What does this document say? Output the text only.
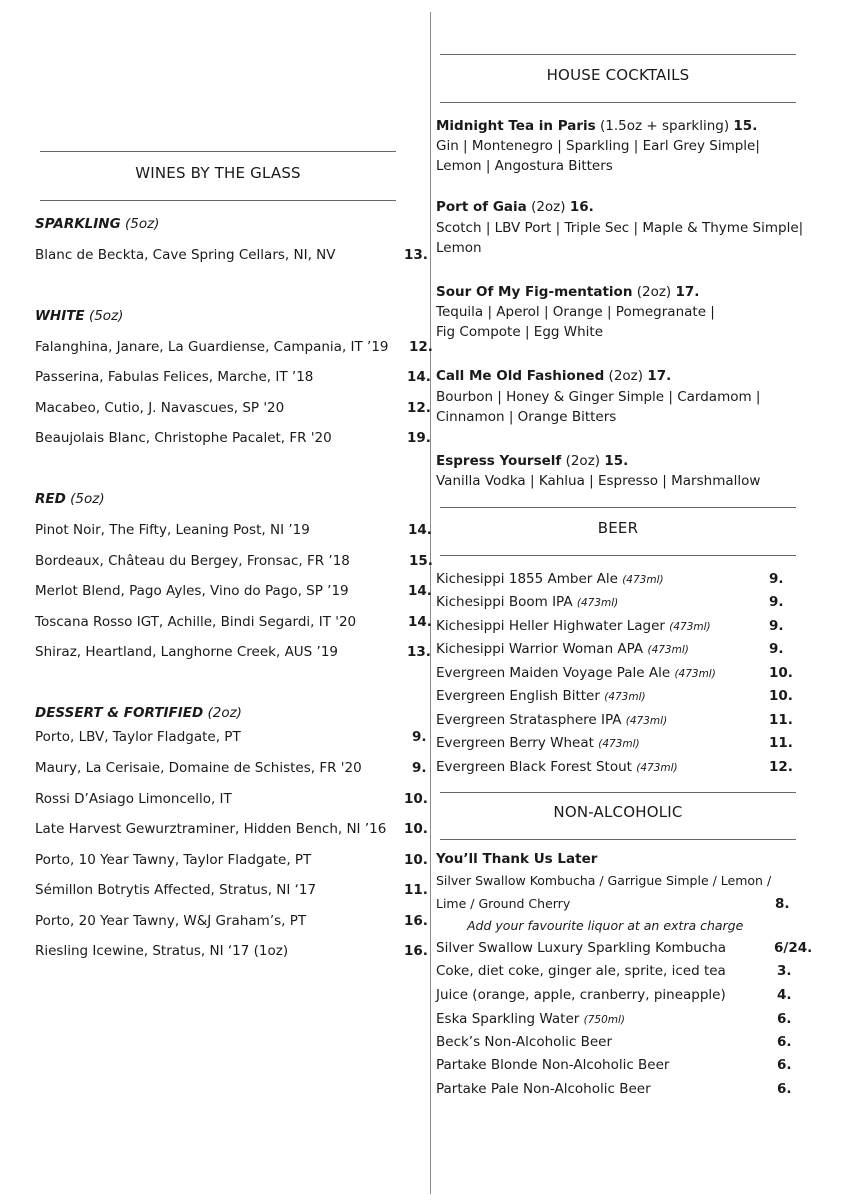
WINES BY THE GLASS
SPARKLING (5oz)
Blanc de Beckta, Cave Spring Cellars, NI, NV	13.
WHITE (5oz)
Falanghina, Janare, La Guardiense, Campania, IT ’19 12.
Passerina, Fabulas Felices, Marche, IT ’18	14.
Macabeo, Cutio, J. Navascues, SP '20	12.
Beaujolais Blanc, Christophe Pacalet, FR '20	19.
RED (5oz)
Pinot Noir, The Fifty, Leaning Post, NI ’19	14.
Bordeaux, Château du Bergey, Fronsac, FR ’18	15.
Merlot Blend, Pago Ayles, Vino do Pago, SP ’19	14.
Toscana Rosso IGT, Achille, Bindi Segardi, IT '20	14.
Shiraz, Heartland, Langhorne Creek, AUS ’19	13.
DESSERT & FORTIFIED (2oz)
Porto, LBV, Taylor Fladgate, PT	9.
Maury, La Cerisaie, Domaine de Schistes, FR '20	9.
Rossi D’Asiago Limoncello, IT	10.
Late Harvest Gewurztraminer, Hidden Bench, NI ’16 10.
Porto, 10 Year Tawny, Taylor Fladgate, PT	10.
Sémillon Botrytis Affected, Stratus, NI ‘17	11.
Porto, 20 Year Tawny, W&J Graham’s, PT	16.
Riesling Icewine, Stratus, NI ‘17 (1oz)	16.
HOUSE COCKTAILS
Midnight Tea in Paris (1.5oz + sparkling) 15.
Gin | Montenegro | Sparkling | Earl Grey Simple|
Lemon | Angostura Bitters
Port of Gaia (2oz) 16.
Scotch | LBV Port | Triple Sec | Maple & Thyme Simple|
Lemon
Sour Of My Fig-mentation (2oz) 17.
Tequila | Aperol | Orange | Pomegranate |
Fig Compote | Egg White
Call Me Old Fashioned (2oz) 17.
Bourbon | Honey & Ginger Simple | Cardamom |
Cinnamon | Orange Bitters
Espress Yourself (2oz) 15.
Vanilla Vodka | Kahlua | Espresso | Marshmallow
BEER
Kichesippi 1855 Amber Ale (473ml)	9.
Kichesippi Boom IPA (473ml)	9.
Kichesippi Heller Highwater Lager (473ml)	9.
Kichesippi Warrior Woman APA (473ml)	9.
Evergreen Maiden Voyage Pale Ale (473ml)	10.
Evergreen English Bitter (473ml)	10.
Evergreen Stratasphere IPA (473ml)	11.
Evergreen Berry Wheat (473ml)	11.
Evergreen Black Forest Stout (473ml)	12.
NON-ALCOHOLIC
You’ll Thank Us Later
Silver Swallow Kombucha / Garrigue Simple / Lemon /
Lime / Ground Cherry	8.
Add your favourite liquor at an extra charge
Silver Swallow Luxury Sparkling Kombucha	6/24.
Coke, diet coke, ginger ale, sprite, iced tea	3.
Juice (orange, apple, cranberry, pineapple)	4.
Eska Sparkling Water (750ml)	6.
Beck’s Non-Alcoholic Beer	6.
Partake Blonde Non-Alcoholic Beer	6.
Partake Pale Non-Alcoholic Beer	6.
